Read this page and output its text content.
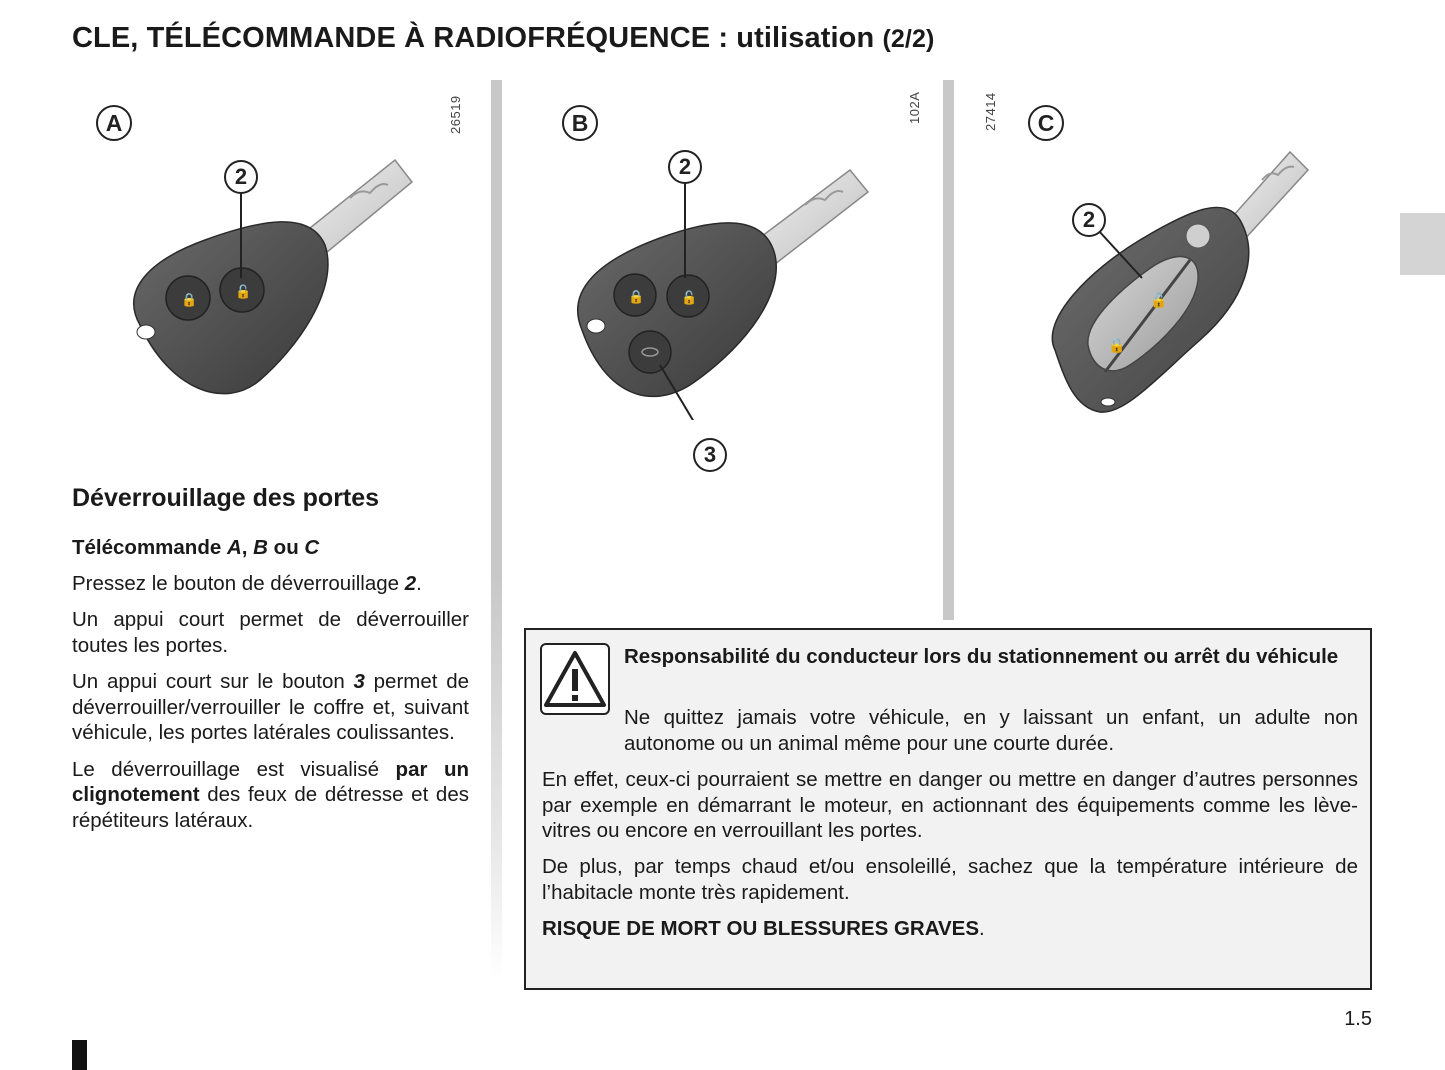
CLE, TÉLÉCOMMANDE À RADIOFRÉQUENCE : utilisation (2/2)
A	26519
🔒
🔓
2
B	102A
🔒	🔓
2
3
27414	C
🔒
🔓
2
Déverrouillage des portes

Télécommande A, B ou C

Pressez le bouton de déverrouillage 2.

Un appui court permet de déverrouiller toutes les portes.

Un appui court sur le bouton 3 permet de déverrouiller/verrouiller le coffre et, suivant véhicule, les portes latérales coulissantes.

Le déverrouillage est visualisé par un clignotement des feux de détresse et des répétiteurs latéraux.

Responsabilité du conducteur lors du stationnement ou arrêt du véhicule
Ne quittez jamais votre véhicule, en y laissant un enfant, un adulte non autonome ou un animal même pour une courte durée.
En effet, ceux-ci pourraient se mettre en danger ou mettre en danger d’autres personnes par exemple en démarrant le moteur, en actionnant des équipements comme les lève-vitres ou encore en verrouillant les portes.
De plus, par temps chaud et/ou ensoleillé, sachez que la température intérieure de l’habitacle monte très rapidement.
RISQUE DE MORT OU BLESSURES GRAVES.
1.5
